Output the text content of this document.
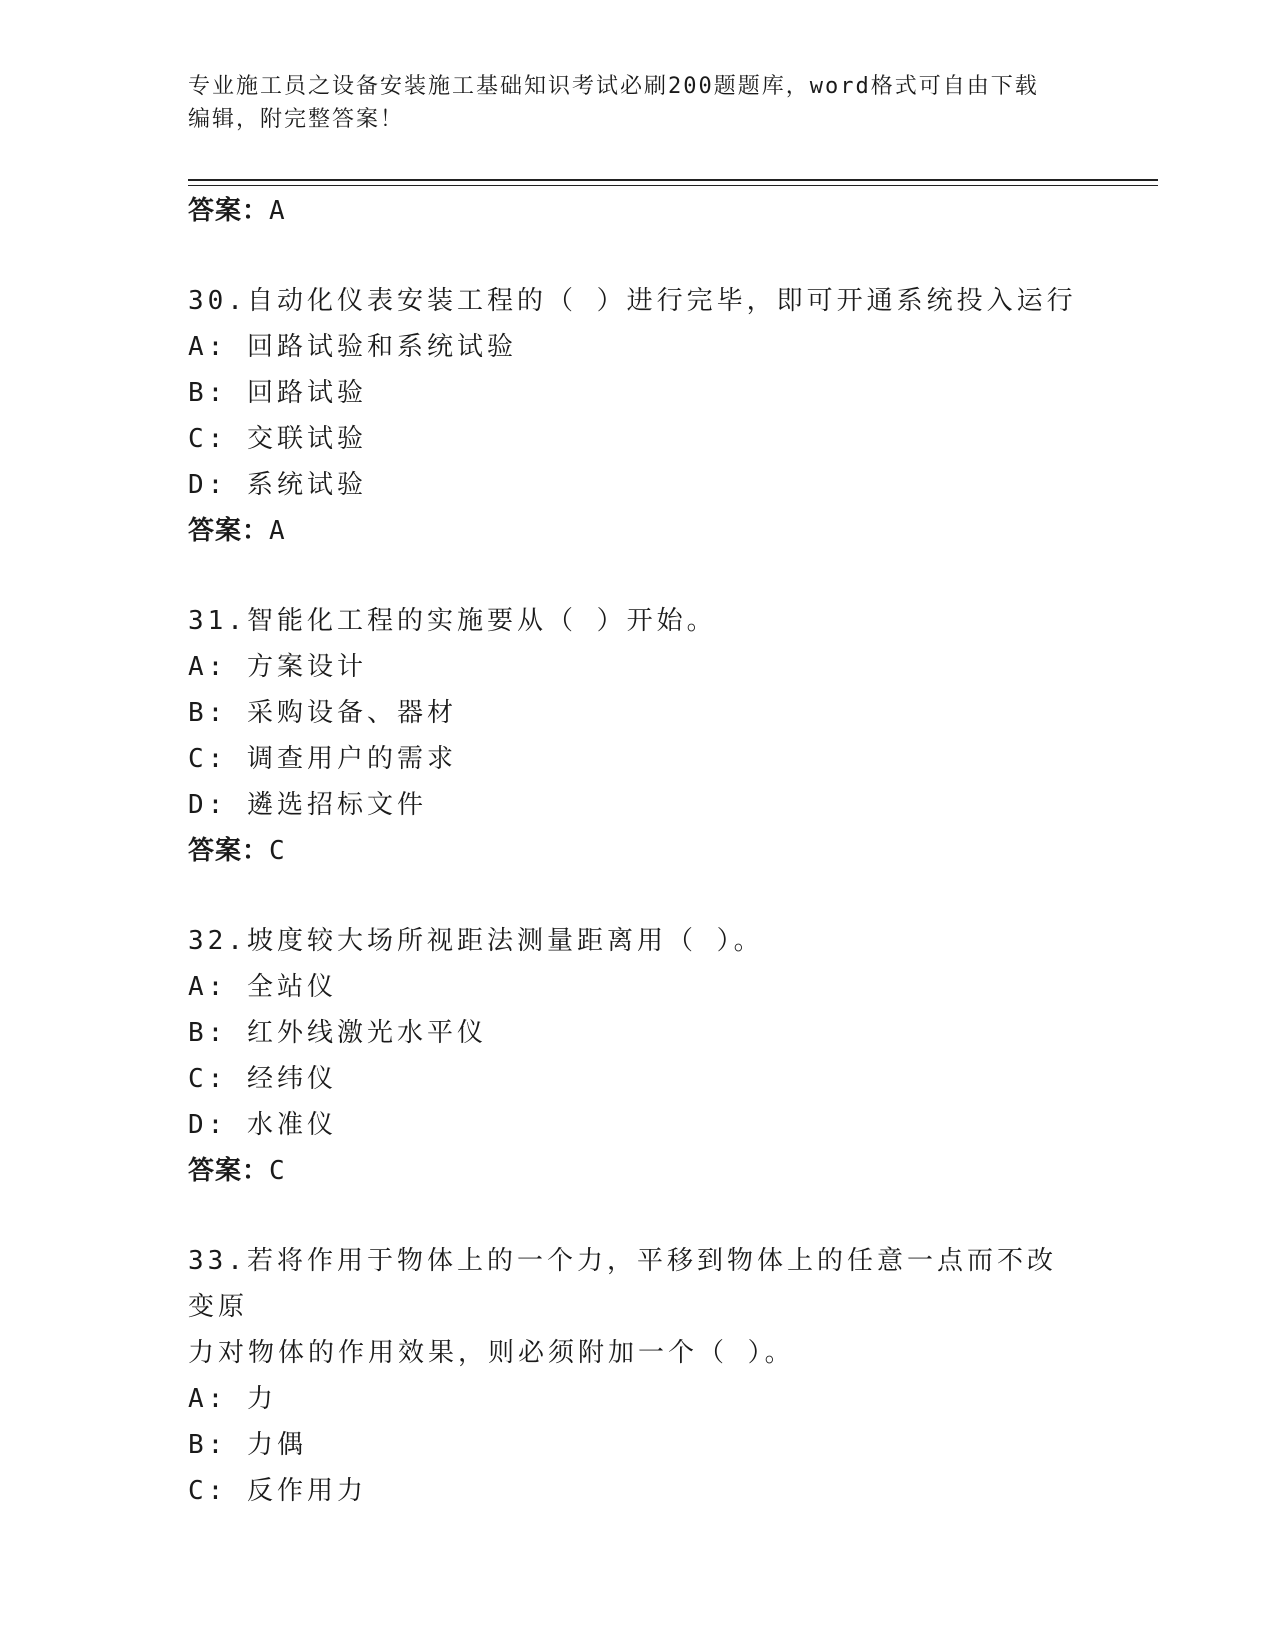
专业施工员之设备安装施工基础知识考试必刷200题题库，word格式可自由下载
编辑，附完整答案！
答案：A
30.自动化仪表安装工程的（ ）进行完毕，即可开通系统投入运行
A: 回路试验和系统试验
B: 回路试验
C: 交联试验
D: 系统试验
答案：A
31.智能化工程的实施要从（ ）开始。
A: 方案设计
B: 采购设备、器材
C: 调查用户的需求
D: 遴选招标文件
答案：C
32.坡度较大场所视距法测量距离用（ ）。
A: 全站仪
B: 红外线激光水平仪
C: 经纬仪
D: 水准仪
答案：C
33.若将作用于物体上的一个力，平移到物体上的任意一点而不改变原
力对物体的作用效果，则必须附加一个（ ）。
A: 力
B: 力偶
C: 反作用力
